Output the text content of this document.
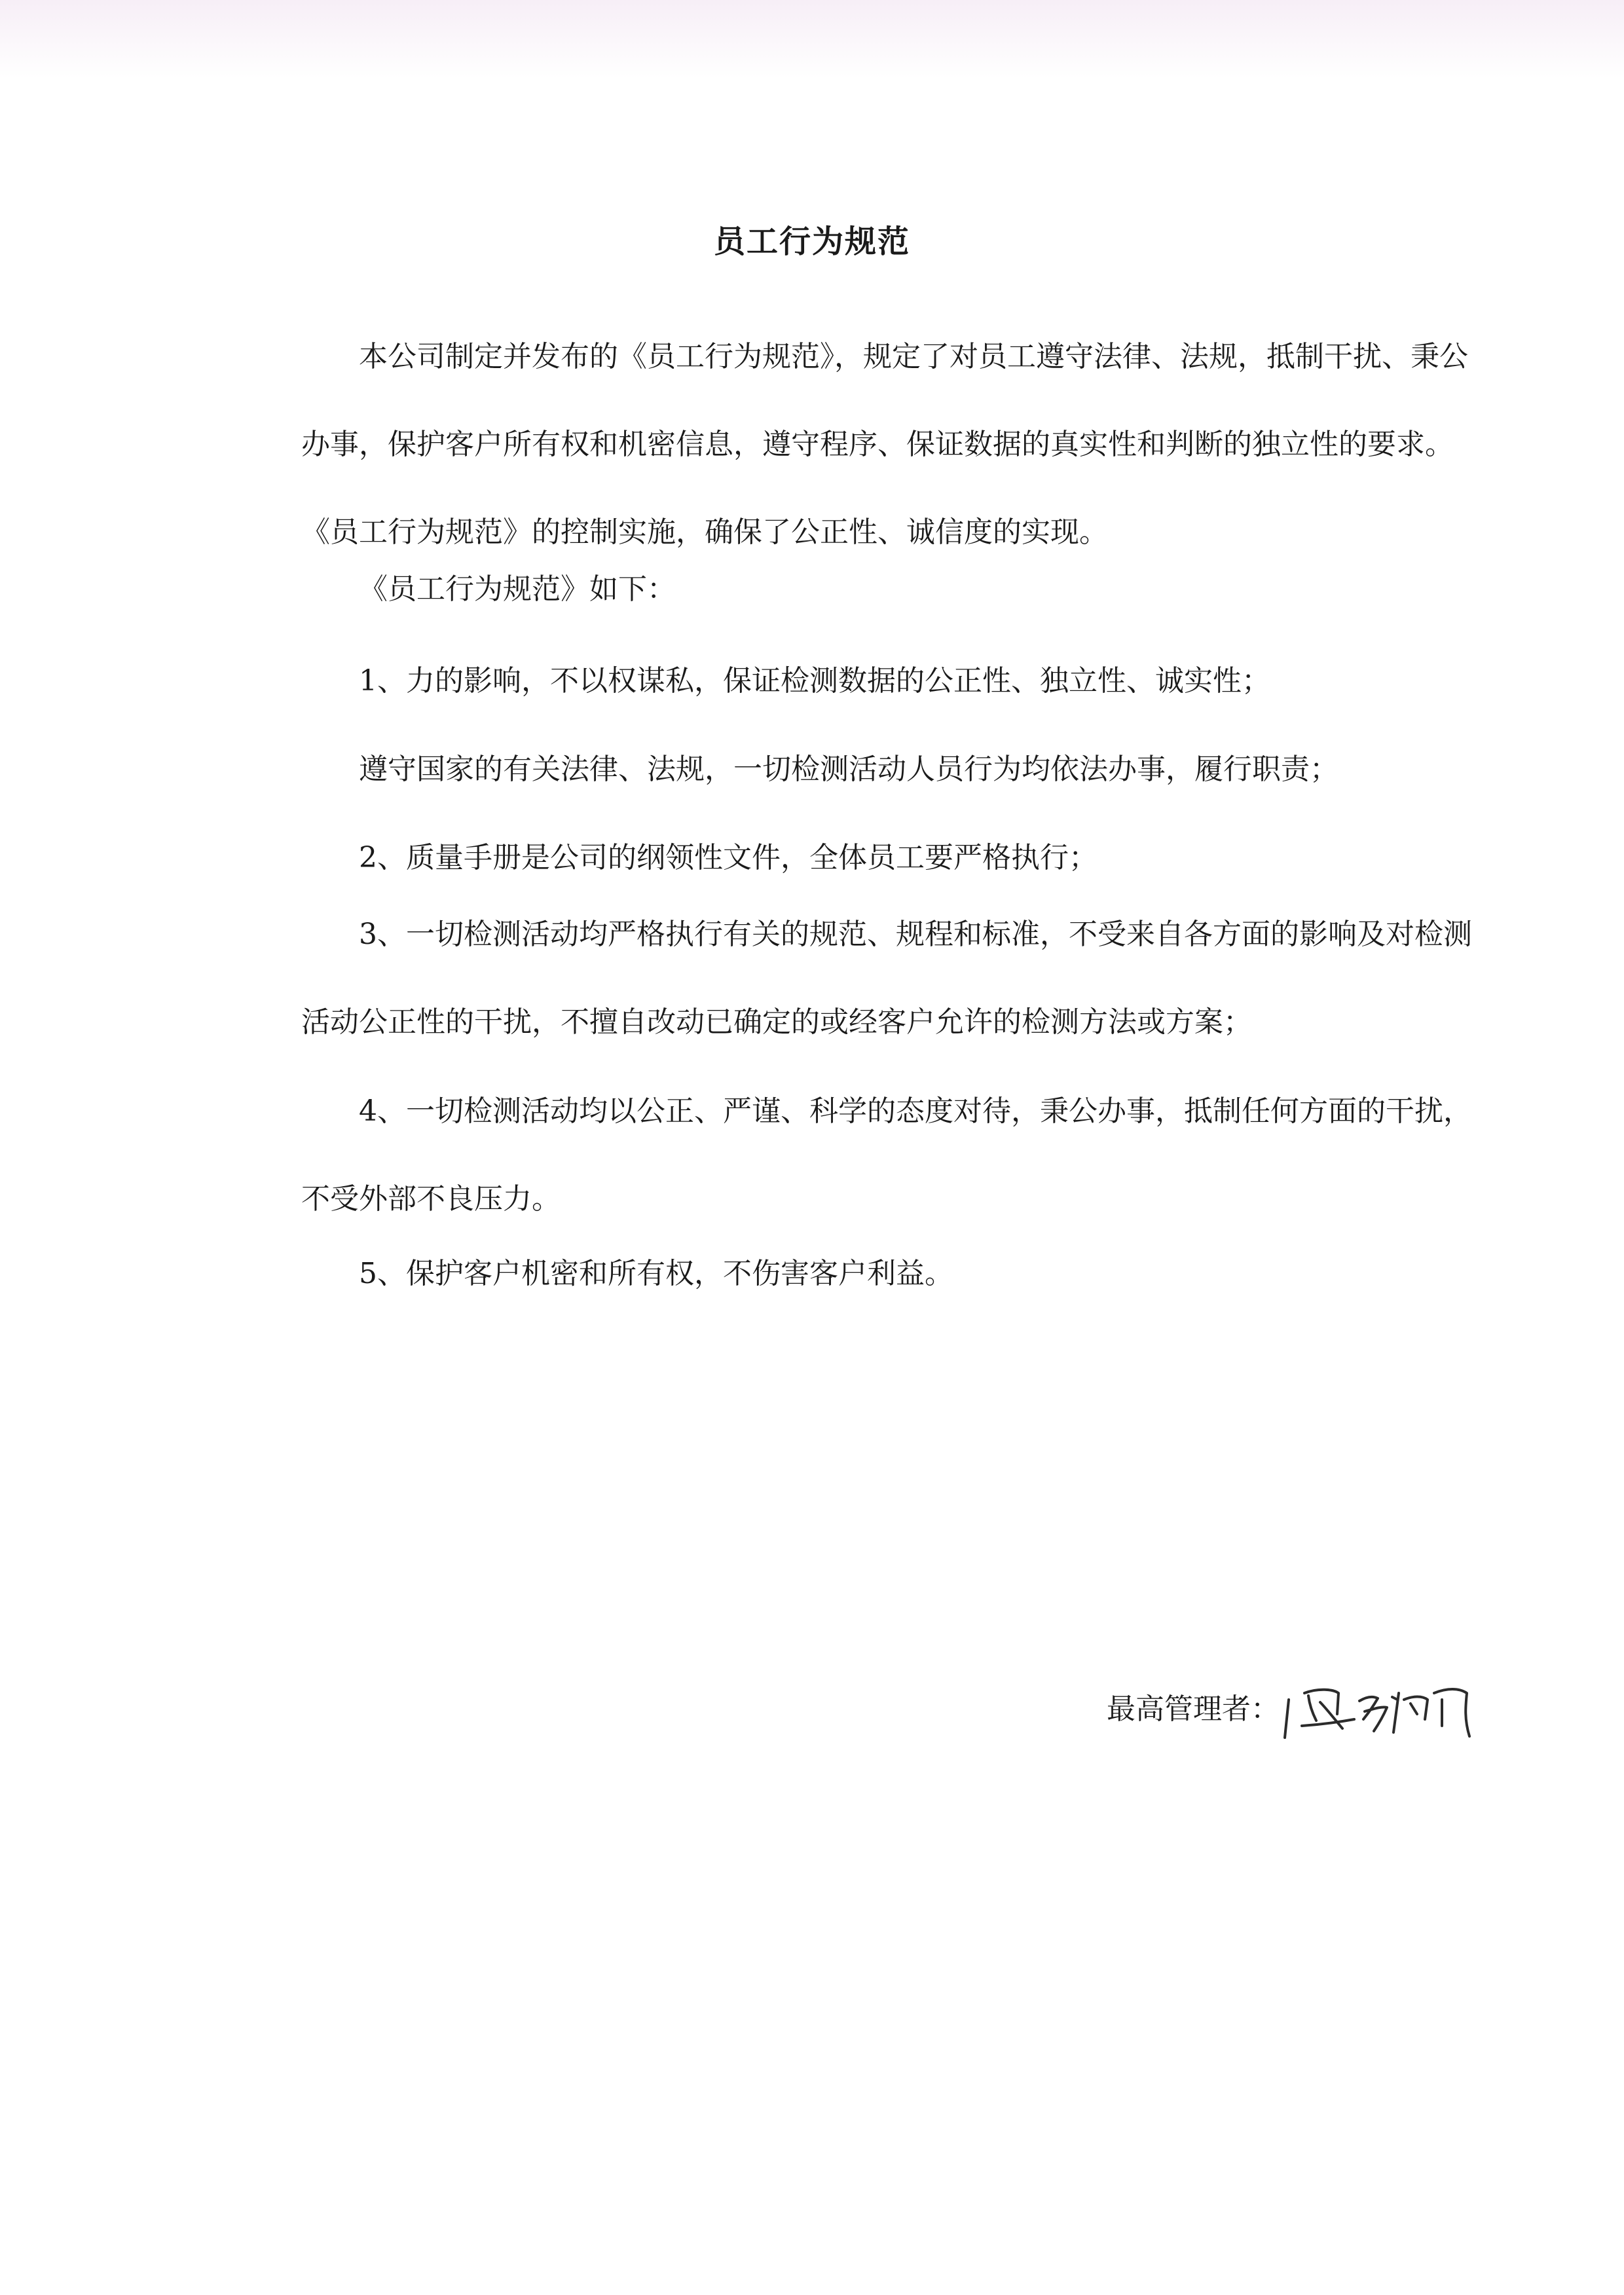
员工行为规范

本公司制定并发布的《员工行为规范》，规定了对员工遵守法律、法规，抵制干扰、秉公办事，保护客户所有权和机密信息，遵守程序、保证数据的真实性和判断的独立性的要求。《员工行为规范》的控制实施，确保了公正性、诚信度的实现。

《员工行为规范》如下：

1、力的影响，不以权谋私，保证检测数据的公正性、独立性、诚实性；

遵守国家的有关法律、法规，一切检测活动人员行为均依法办事，履行职责；

2、质量手册是公司的纲领性文件，全体员工要严格执行；

3、一切检测活动均严格执行有关的规范、规程和标准，不受来自各方面的影响及对检测活动公正性的干扰，不擅自改动已确定的或经客户允许的检测方法或方案；

4、一切检测活动均以公正、严谨、科学的态度对待，秉公办事，抵制任何方面的干扰，不受外部不良压力。

5、保护客户机密和所有权，不伤害客户利益。

最高管理者：
